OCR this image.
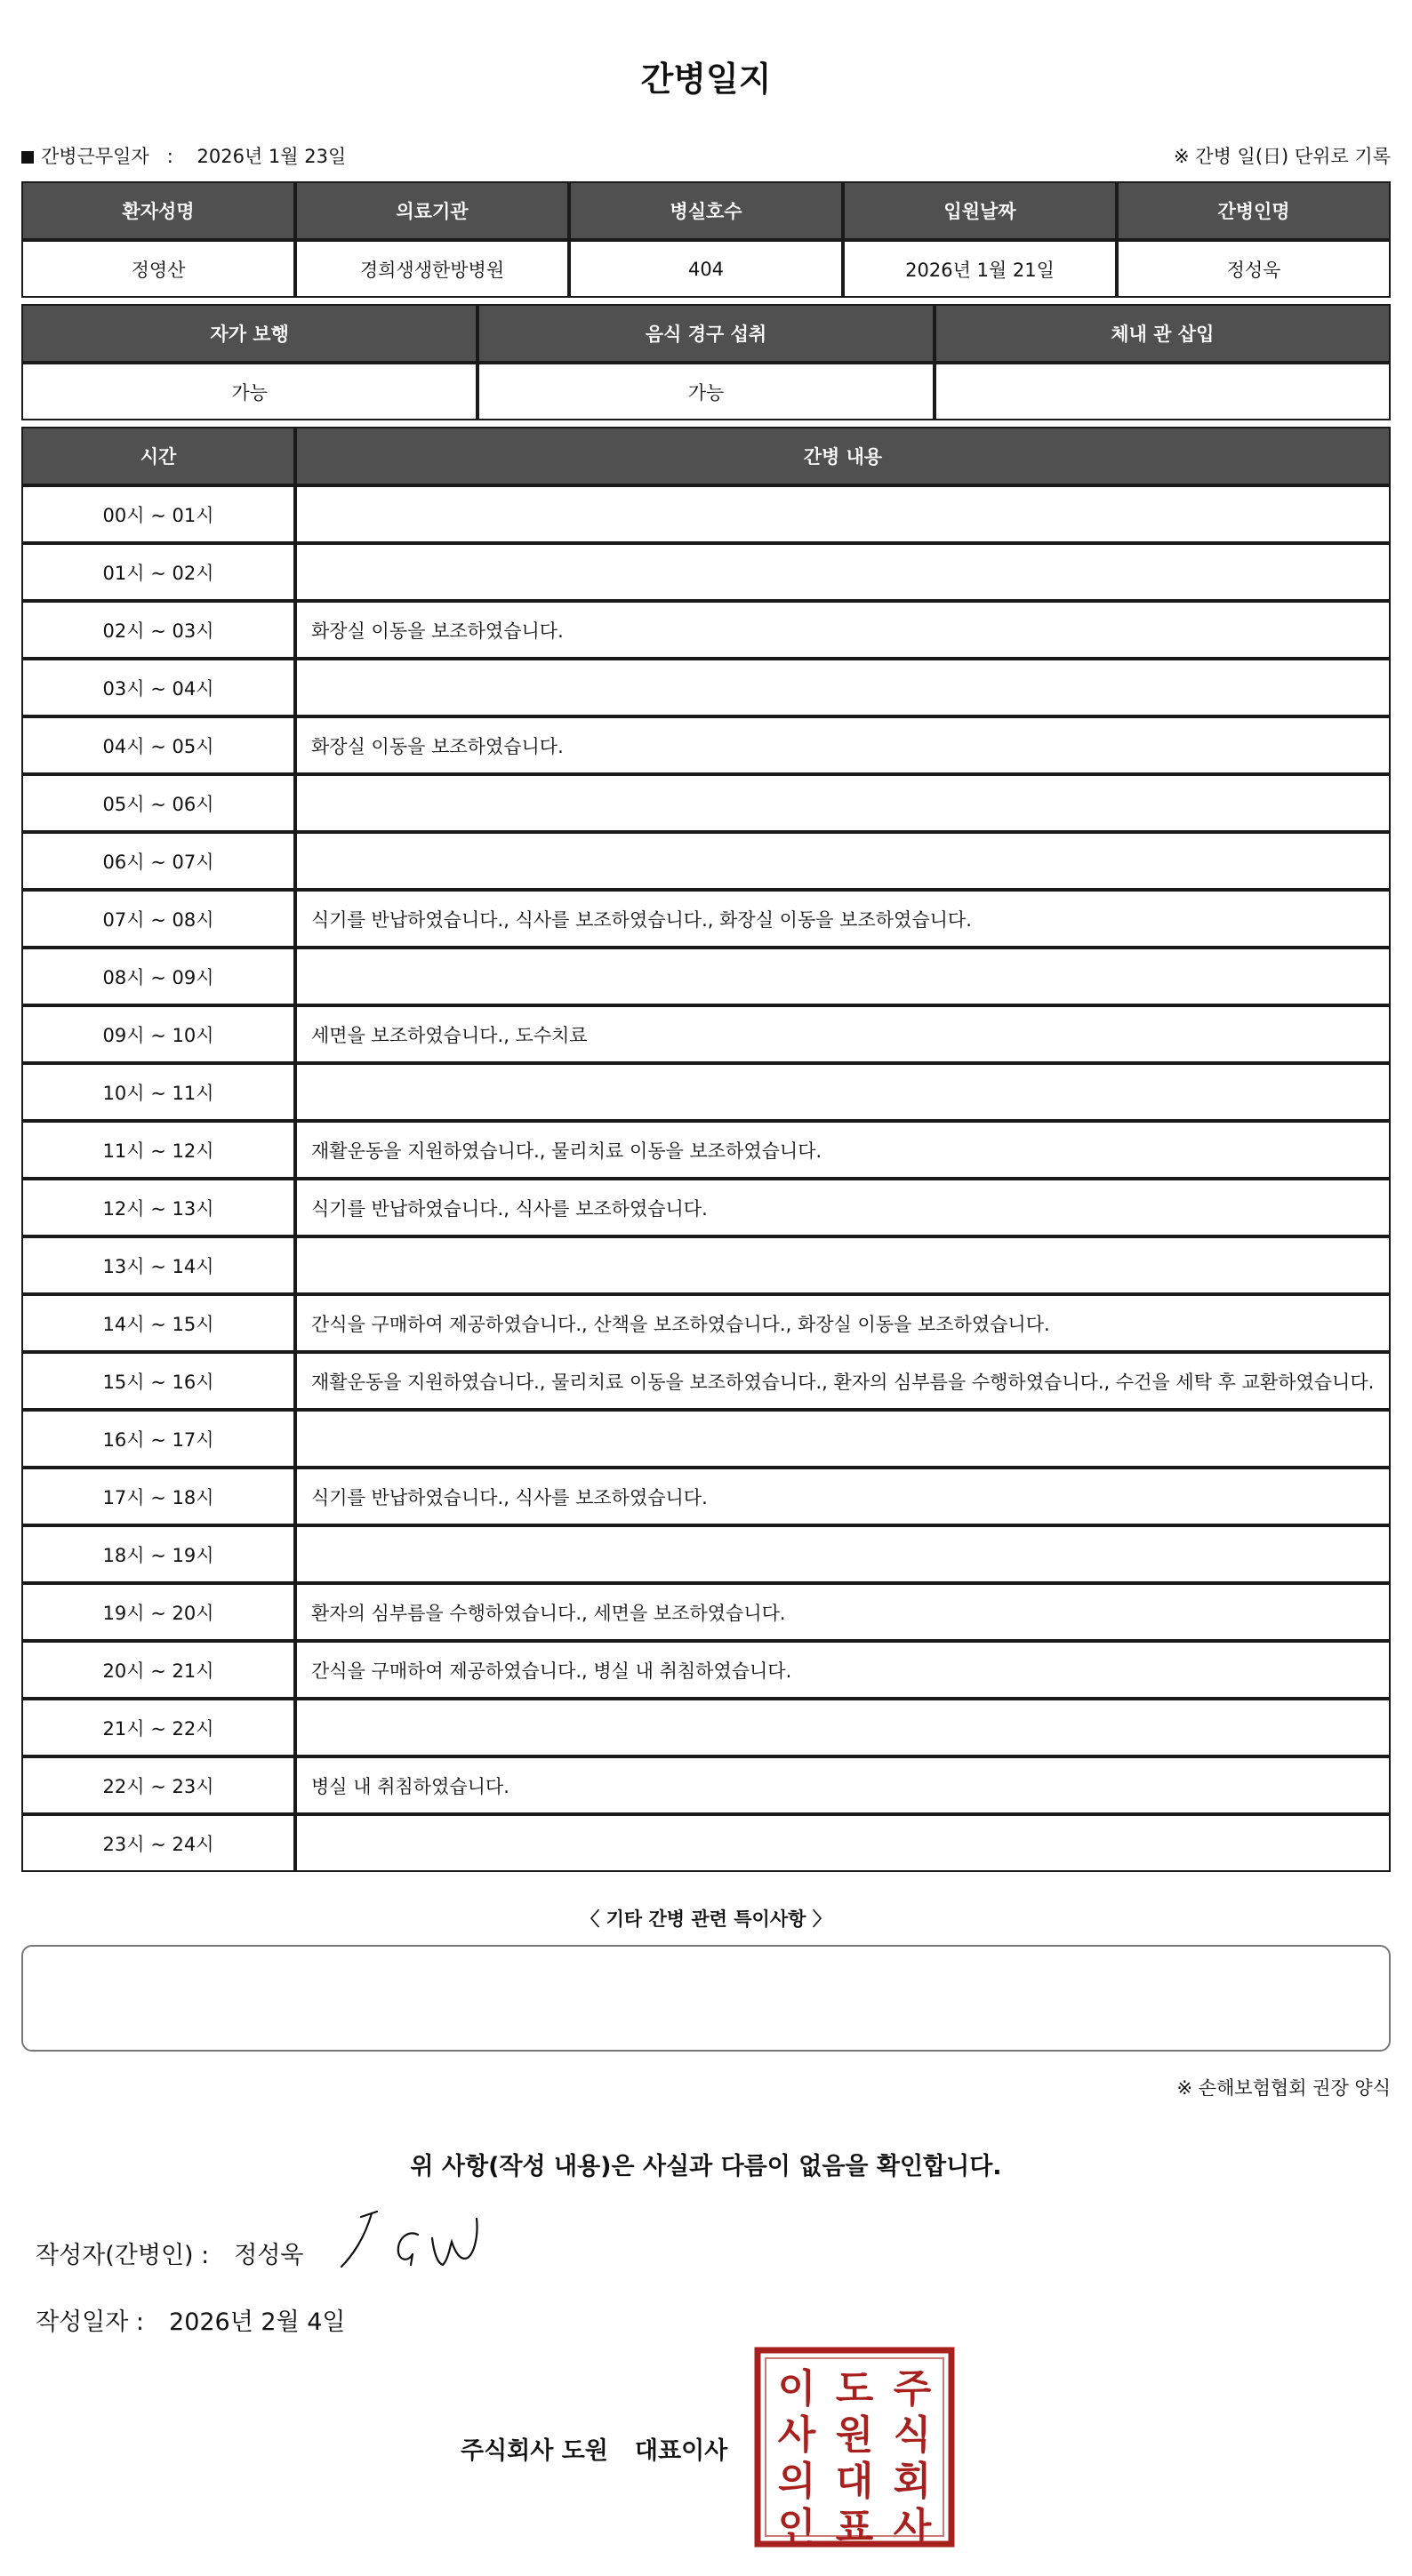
간병일지
간병근무일자 : 2026년 1월 23일	※ 간병 일(日) 단위로 기록
환자성명	의료기관	병실호수	입원날짜	간병인명
정영산	경희생생한방병원	404	2026년 1월 21일	정성욱
자가 보행	음식 경구 섭취	체내 관 삽입
가능	가능	
시간	간병 내용
00시 ~ 01시	
01시 ~ 02시	
02시 ~ 03시	화장실 이동을 보조하였습니다.
03시 ~ 04시	
04시 ~ 05시	화장실 이동을 보조하였습니다.
05시 ~ 06시	
06시 ~ 07시	
07시 ~ 08시	식기를 반납하였습니다., 식사를 보조하였습니다., 화장실 이동을 보조하였습니다.
08시 ~ 09시	
09시 ~ 10시	세면을 보조하였습니다., 도수치료
10시 ~ 11시	
11시 ~ 12시	재활운동을 지원하였습니다., 물리치료 이동을 보조하였습니다.
12시 ~ 13시	식기를 반납하였습니다., 식사를 보조하였습니다.
13시 ~ 14시	
14시 ~ 15시	간식을 구매하여 제공하였습니다., 산책을 보조하였습니다., 화장실 이동을 보조하였습니다.
15시 ~ 16시	재활운동을 지원하였습니다., 물리치료 이동을 보조하였습니다., 환자의 심부름을 수행하였습니다., 수건을 세탁 후 교환하였습니다.
16시 ~ 17시	
17시 ~ 18시	식기를 반납하였습니다., 식사를 보조하였습니다.
18시 ~ 19시	
19시 ~ 20시	환자의 심부름을 수행하였습니다., 세면을 보조하였습니다.
20시 ~ 21시	간식을 구매하여 제공하였습니다., 병실 내 취침하였습니다.
21시 ~ 22시	
22시 ~ 23시	병실 내 취침하였습니다.
23시 ~ 24시	
〈 기타 간병 관련 특이사항 〉
※ 손해보험협회 권장 양식
위 사항(작성 내용)은 사실과 다름이 없음을 확인합니다.
작성자(간병인) : 정성욱
작성일자 : 2026년 2월 4일
주식회사 도원 대표이사
주
식
회
사
도
원
대
표
이
사
의
인
